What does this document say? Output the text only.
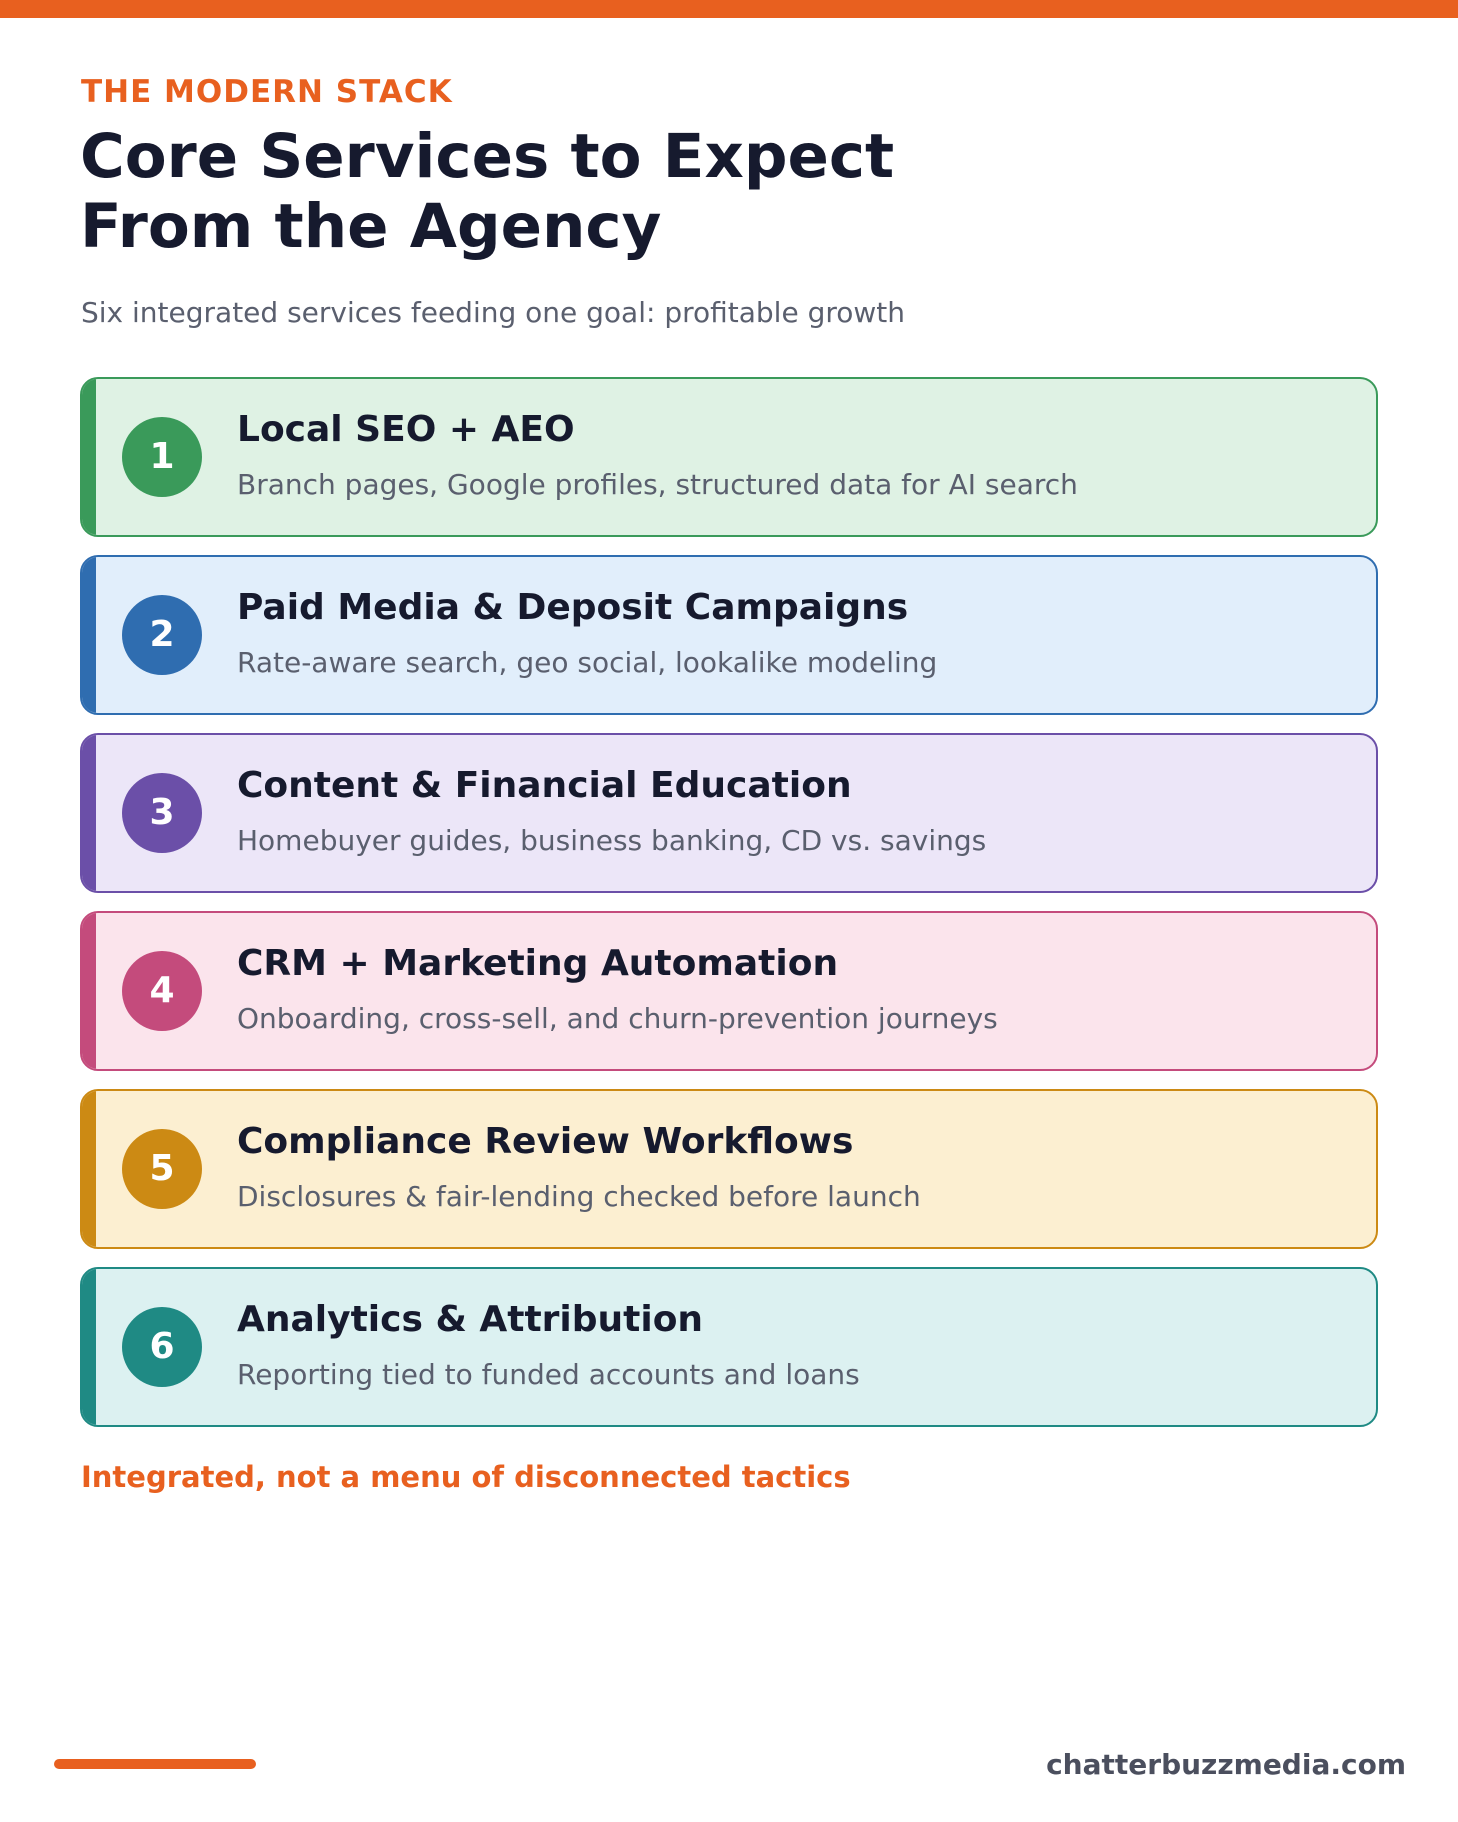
THE MODERN STACK
Core Services to Expect
From the Agency
Six integrated services feeding one goal: profitable growth
1
Local SEO + AEO
Branch pages, Google profiles, structured data for AI search
2
Paid Media & Deposit Campaigns
Rate-aware search, geo social, lookalike modeling
3
Content & Financial Education
Homebuyer guides, business banking, CD vs. savings
4
CRM + Marketing Automation
Onboarding, cross-sell, and churn-prevention journeys
5
Compliance Review Workflows
Disclosures & fair-lending checked before launch
6
Analytics & Attribution
Reporting tied to funded accounts and loans
Integrated, not a menu of disconnected tactics
chatterbuzzmedia.com
